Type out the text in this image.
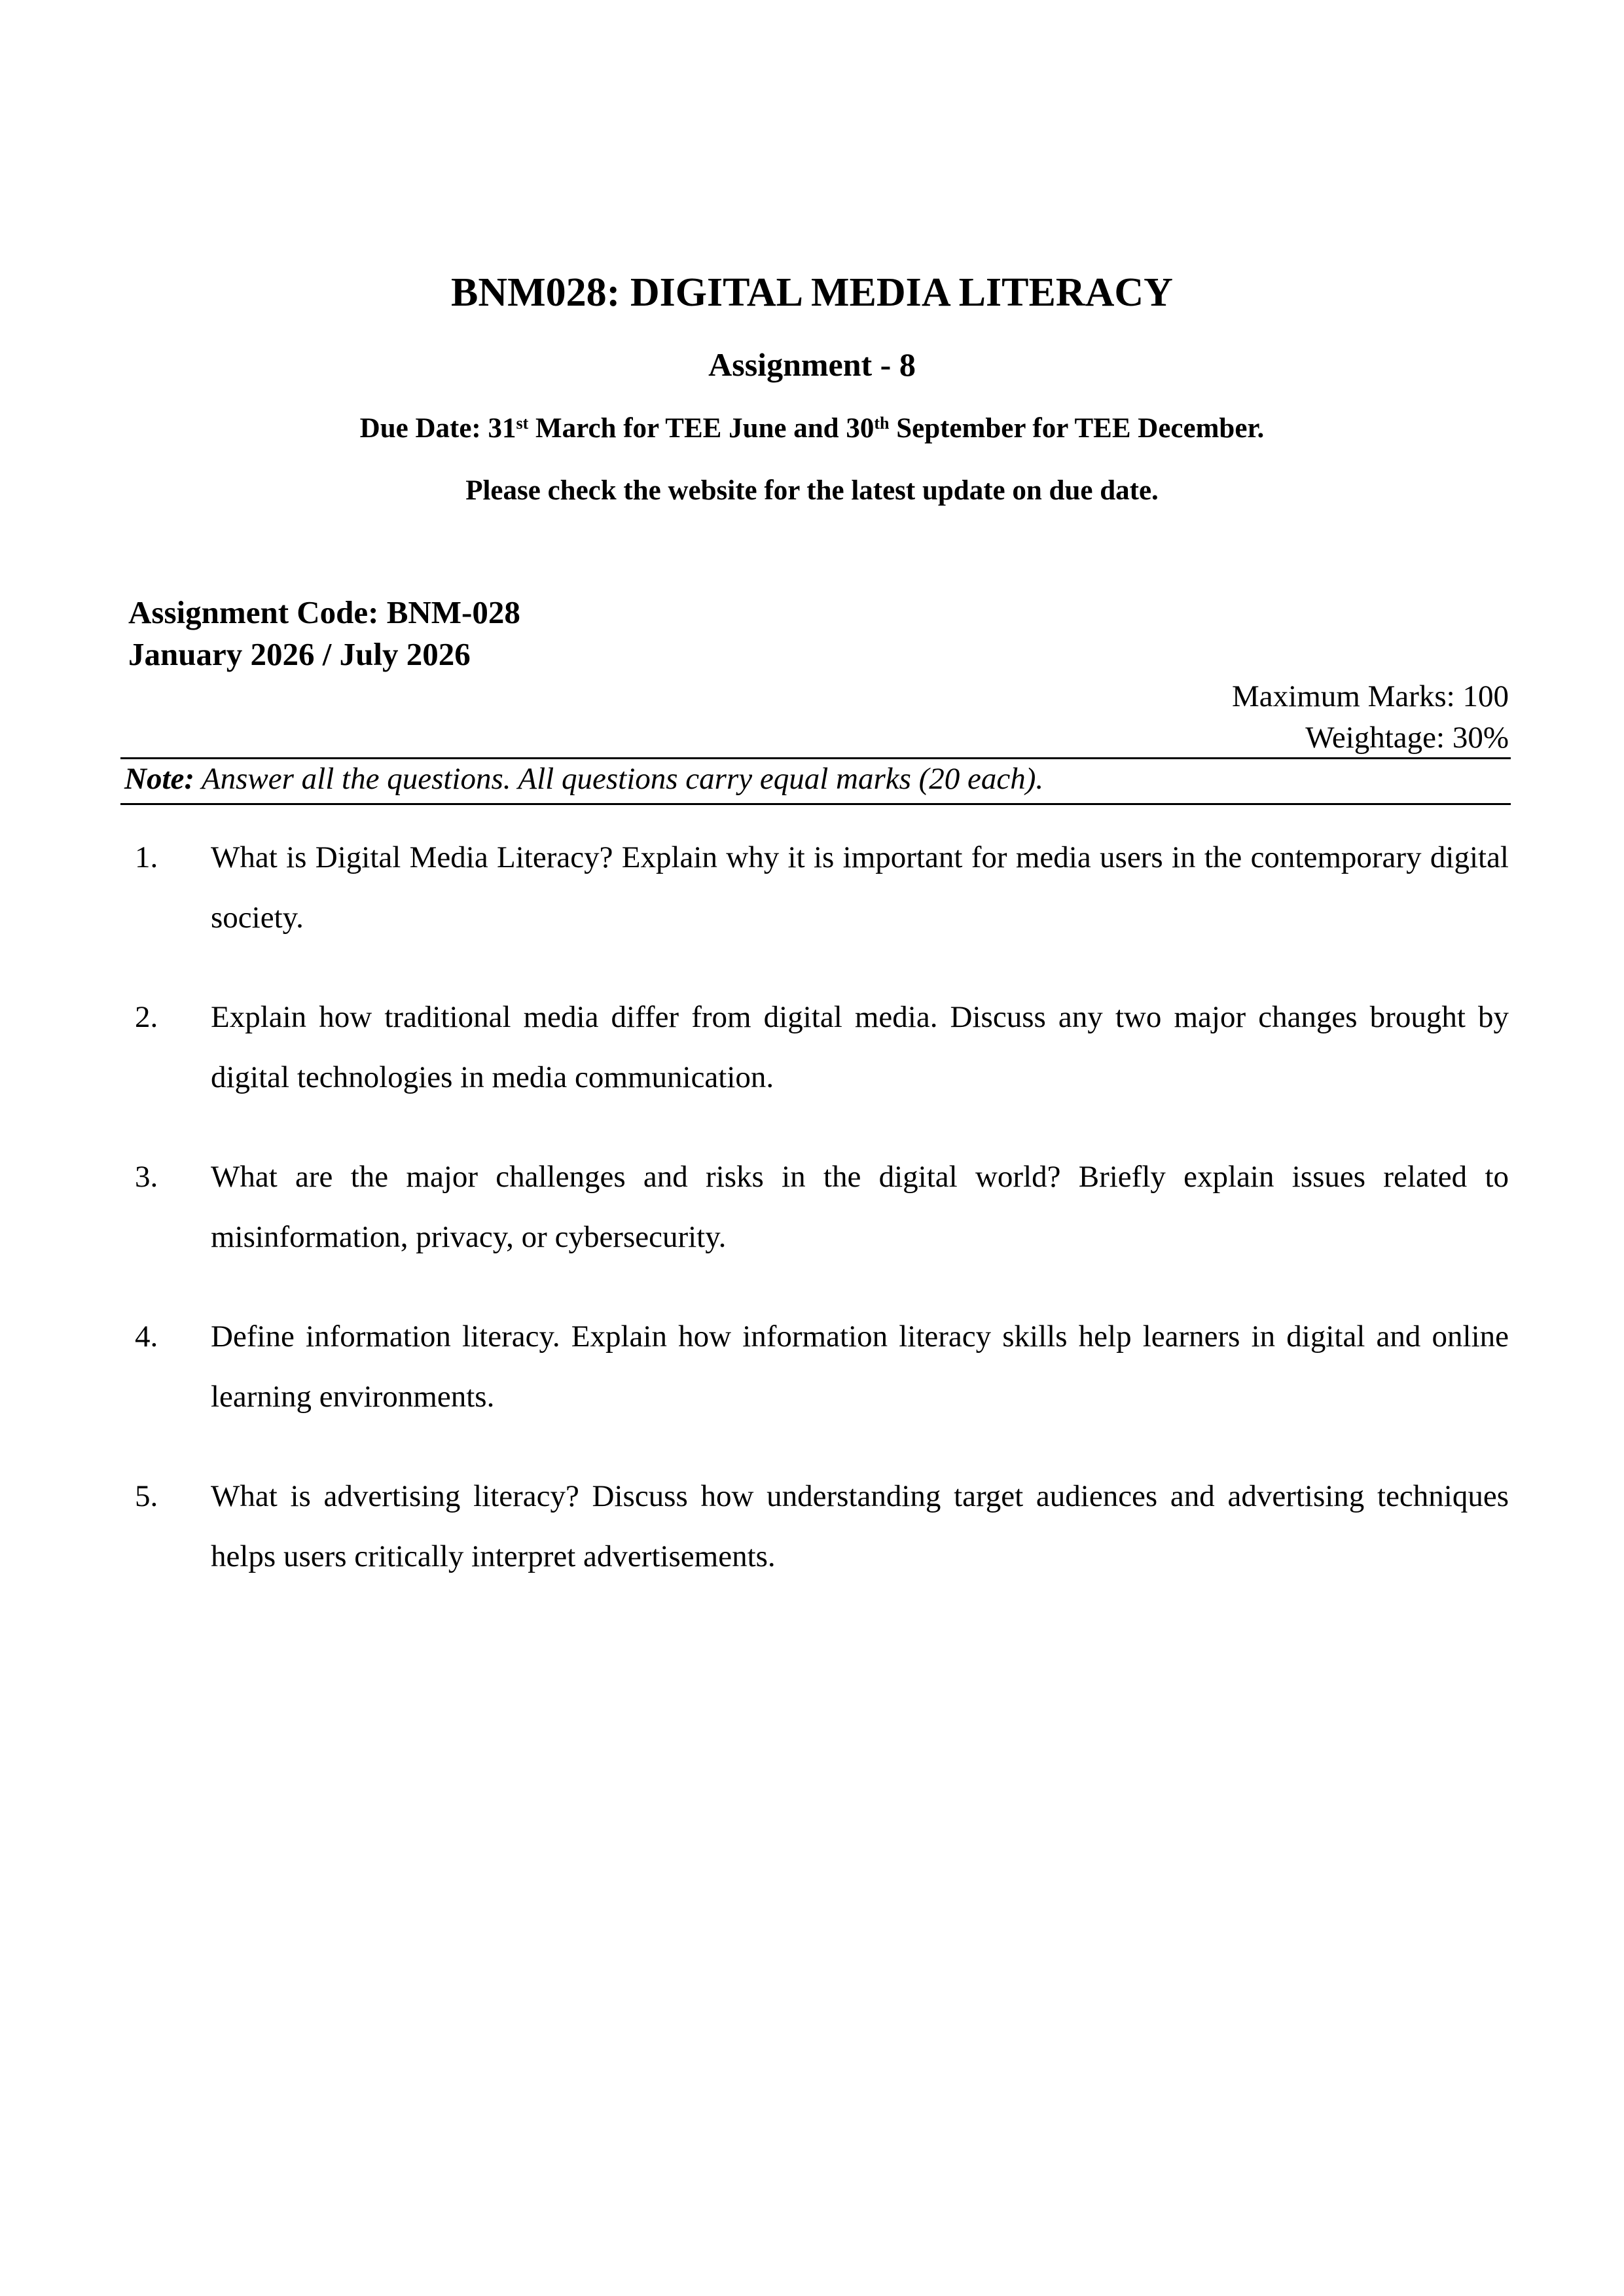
BNM028: DIGITAL MEDIA LITERACY
Assignment - 8
Due Date: 31st March for TEE June and 30th September for TEE December.
Please check the website for the latest update on due date.
Assignment Code: BNM-028
January 2026 / July 2026
Maximum Marks: 100
Weightage: 30%
Note: Answer all the questions. All questions carry equal marks (20 each).
1. What is Digital Media Literacy? Explain why it is important for media users in the contemporary digital society.
2. Explain how traditional media differ from digital media. Discuss any two major changes brought by digital technologies in media communication.
3. What are the major challenges and risks in the digital world? Briefly explain issues related to misinformation, privacy, or cybersecurity.
4. Define information literacy. Explain how information literacy skills help learners in digital and online learning environments.
5. What is advertising literacy? Discuss how understanding target audiences and advertising techniques helps users critically interpret advertisements.
